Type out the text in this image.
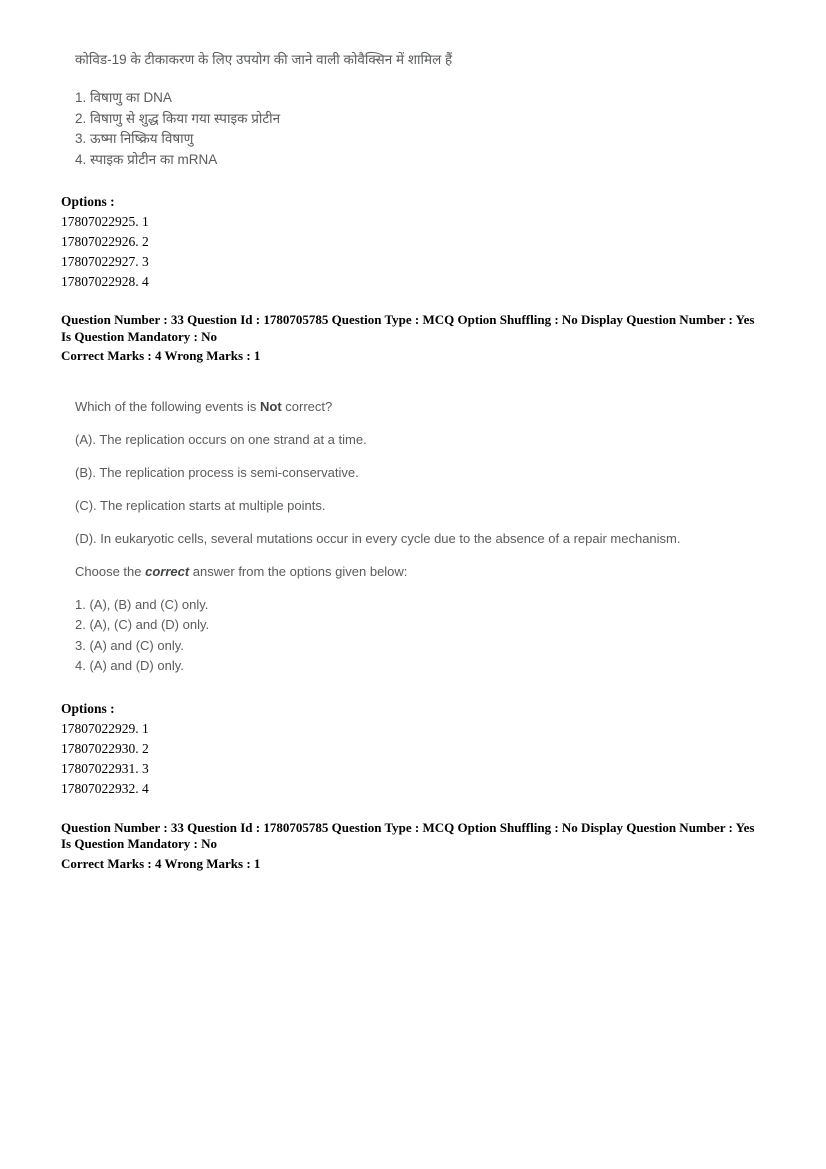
कोविड-19 के टीकाकरण के लिए उपयोग की जाने वाली कोवैक्सिन में शामिल हैं

1. विषाणु का DNA

2. विषाणु से शुद्ध किया गया स्पाइक प्रोटीन

3. ऊष्मा निष्क्रिय विषाणु

4. स्पाइक प्रोटीन का mRNA

Options :

17807022925. 1

17807022926. 2

17807022927. 3

17807022928. 4

Question Number : 33 Question Id : 1780705785 Question Type : MCQ Option Shuffling : No Display Question Number : Yes

Is Question Mandatory : No

Correct Marks : 4 Wrong Marks : 1

Which of the following events is Not correct?

(A). The replication occurs on one strand at a time.

(B). The replication process is semi-conservative.

(C). The replication starts at multiple points.

(D). In eukaryotic cells, several mutations occur in every cycle due to the absence of a repair mechanism.

Choose the correct answer from the options given below:

1. (A), (B) and (C) only.

2. (A), (C) and (D) only.

3. (A) and (C) only.

4. (A) and (D) only.

Options :

17807022929. 1

17807022930. 2

17807022931. 3

17807022932. 4

Question Number : 33 Question Id : 1780705785 Question Type : MCQ Option Shuffling : No Display Question Number : Yes

Is Question Mandatory : No

Correct Marks : 4 Wrong Marks : 1
